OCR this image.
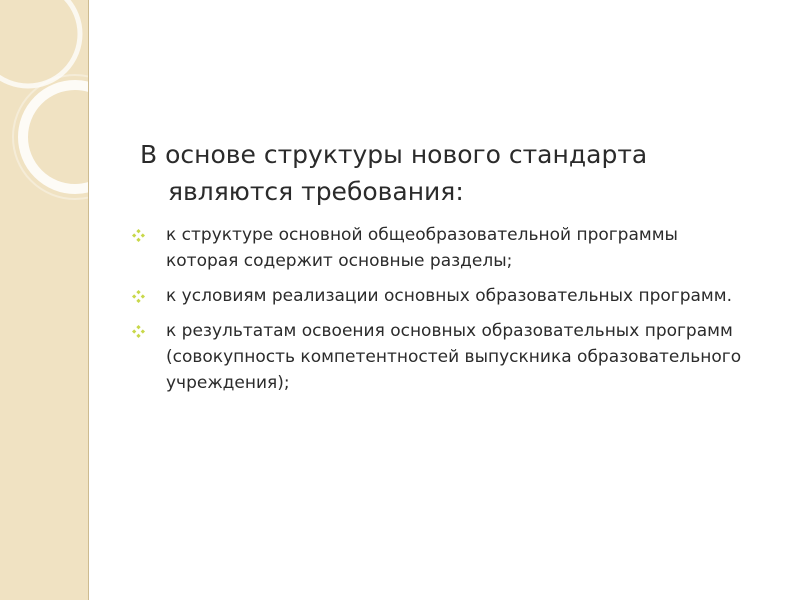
В основе структуры нового стандарта
являются требования:
к структуре основной общеобразовательной программы
которая содержит основные разделы;
к условиям реализации основных образовательных программ.
к результатам освоения основных образовательных программ
(совокупность компетентностей выпускника образовательного
учреждения);
